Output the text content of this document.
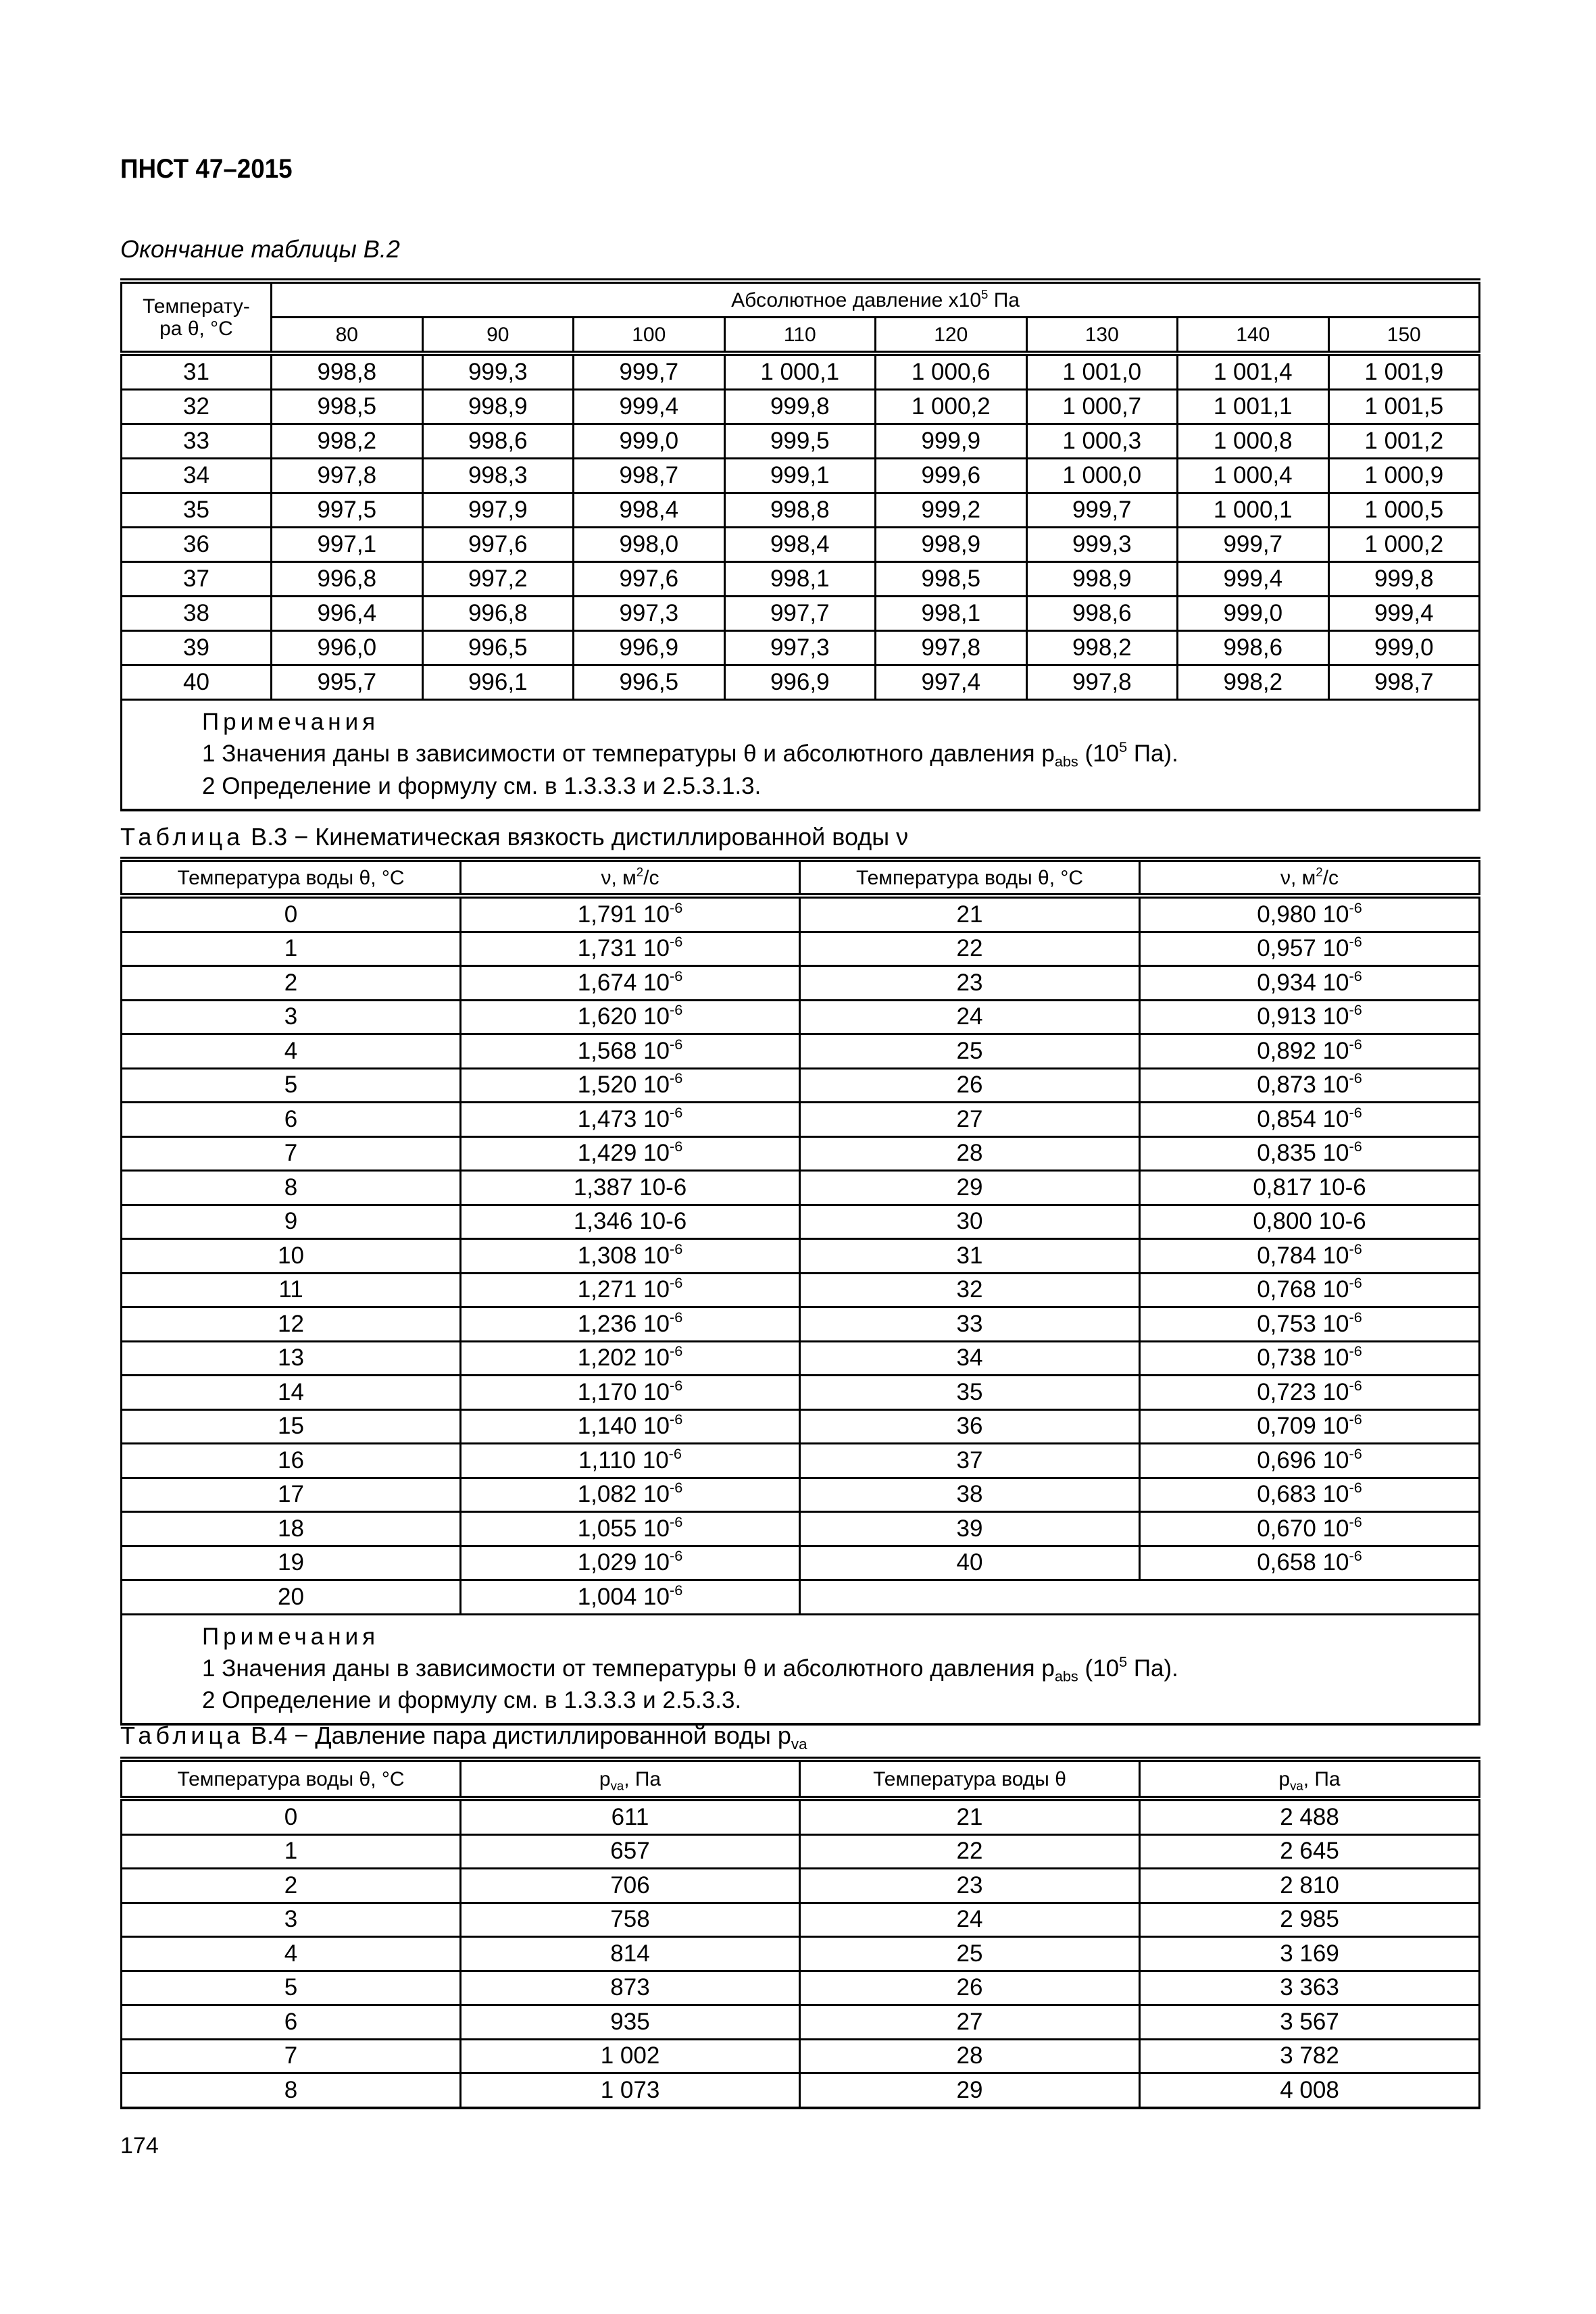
ПНСТ 47–2015
Окончание таблицы В.2
Температу-
ра θ, °С	Абсолютное давление $х10^5$ Па							
	80	90	100	110	120	130	140	150
31	998,8	999,3	999,7	1 000,1	1 000,6	1 001,0	1 001,4	1 001,9
32	998,5	998,9	999,4	999,8	1 000,2	1 000,7	1 001,1	1 001,5
33	998,2	998,6	999,0	999,5	999,9	1 000,3	1 000,8	1 001,2
34	997,8	998,3	998,7	999,1	999,6	1 000,0	1 000,4	1 000,9
35	997,5	997,9	998,4	998,8	999,2	999,7	1 000,1	1 000,5
36	997,1	997,6	998,0	998,4	998,9	999,3	999,7	1 000,2
37	996,8	997,2	997,6	998,1	998,5	998,9	999,4	999,8
38	996,4	996,8	997,3	997,7	998,1	998,6	999,0	999,4
39	996,0	996,5	996,9	997,3	997,8	998,2	998,6	999,0
40	995,7	996,1	996,5	996,9	997,4	997,8	998,2	998,7

Примечания
1 Значения даны в зависимости от температуры θ и абсолютного давления $p_{abs}$ ($10^5$ Па).
2 Определение и формулу см. в 1.3.3.3 и 2.5.3.1.3.								
Таблица В.3 − Кинематическая вязкость дистиллированной воды ν
Температура воды θ, °С	ν, $м^2/с$	Температура воды θ, °С	ν, $м^2/с$
0	1,791 $10^{-6}$	21	0,980 $10^{-6}$
1	1,731 $10^{-6}$	22	0,957 $10^{-6}$
2	1,674 $10^{-6}$	23	0,934 $10^{-6}$
3	1,620 $10^{-6}$	24	0,913 $10^{-6}$
4	1,568 $10^{-6}$	25	0,892 $10^{-6}$
5	1,520 $10^{-6}$	26	0,873 $10^{-6}$
6	1,473 $10^{-6}$	27	0,854 $10^{-6}$
7	1,429 $10^{-6}$	28	0,835 $10^{-6}$
8	1,387 10-6	29	0,817 10-6
9	1,346 10-6	30	0,800 10-6
10	1,308 $10^{-6}$	31	0,784 $10^{-6}$
11	1,271 $10^{-6}$	32	0,768 $10^{-6}$
12	1,236 $10^{-6}$	33	0,753 $10^{-6}$
13	1,202 $10^{-6}$	34	0,738 $10^{-6}$
14	1,170 $10^{-6}$	35	0,723 $10^{-6}$
15	1,140 $10^{-6}$	36	0,709 $10^{-6}$
16	1,110 $10^{-6}$	37	0,696 $10^{-6}$
17	1,082 $10^{-6}$	38	0,683 $10^{-6}$
18	1,055 $10^{-6}$	39	0,670 $10^{-6}$
19	1,029 $10^{-6}$	40	0,658 $10^{-6}$
20	1,004 $10^{-6}$	

Примечания
1 Значения даны в зависимости от температуры θ и абсолютного давления $p_{abs}$ ($10^5$ Па).
2 Определение и формулу см. в 1.3.3.3 и 2.5.3.3.			
Таблица В.4 − Давление пара дистиллированной воды $p_{va}$
Температура воды θ, °С	$p_{va}$, Па	Температура воды θ	$p_{va}$, Па
0	611	21	2 488
1	657	22	2 645
2	706	23	2 810
3	758	24	2 985
4	814	25	3 169
5	873	26	3 363
6	935	27	3 567
7	1 002	28	3 782
8	1 073	29	4 008
174
